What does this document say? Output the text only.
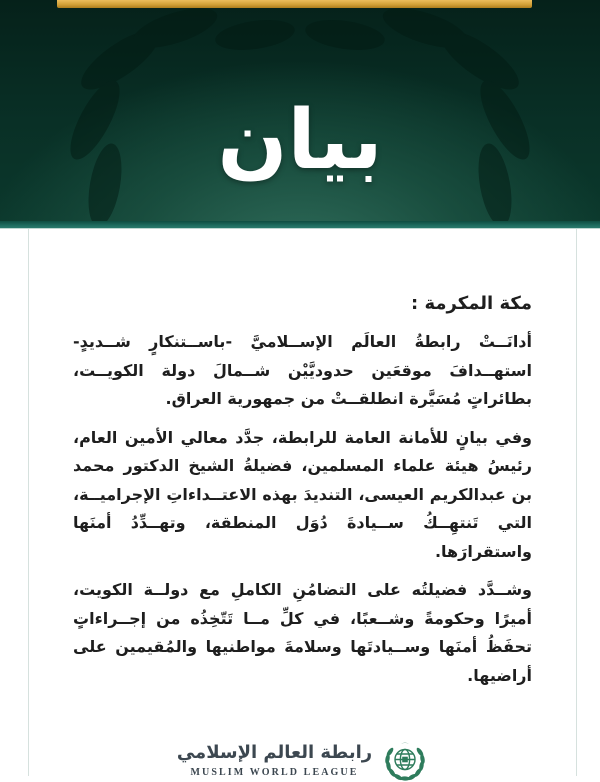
بيان

مكة المكرمة :

أدانَــتْ رابطةُ العالَم الإســلاميَّ -باســتنكارٍ شــديدٍ- استهــدافَ موقعَين حدوديَّيْن شــمالَ دولة الكويــت، بطائراتٍ مُسَيَّرة انطلقــتْ من جمهورية العراق.

وفي بيانٍ للأمانة العامة للرابطة، جدَّد معالي الأمين العام، رئيسُ هيئة علماء المسلمين، فضيلةُ الشيخ الدكتور محمد بن عبدالكريم العيسى، التنديدَ بهذه الاعتــداءاتِ الإجراميــة، التي تَنتهِــكُ ســيادةَ دُوَل المنطقة، وتهــدِّدُ أمنَها واستقرارَها.

وشــدَّد فضيلتُه على التضامُنِ الكاملِ مع دولــة الكويت، أميرًا وحكومةً وشــعبًا، في كلِّ مــا تَتّخِذُه من إجــراءاتٍ تحفَظُ أمنَها وســيادتَها وسلامةَ مواطنيها والمُقيمين على أراضيها.

رابطة العالم الإسلامي

MUSLIM WORLD LEAGUE
